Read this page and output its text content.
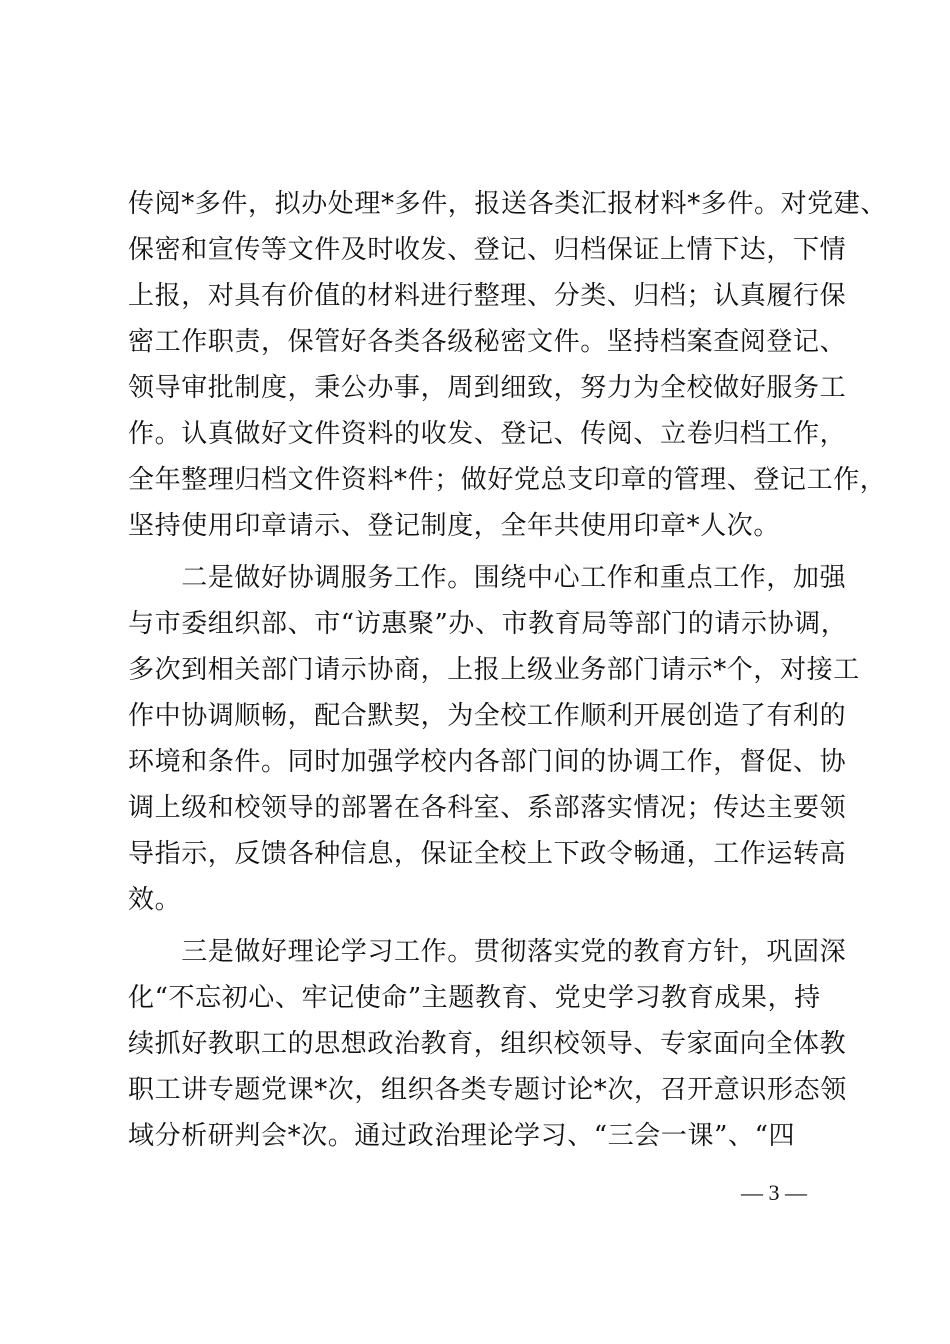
传阅*多件，拟办处理*多件，报送各类汇报材料*多件。对党建、
保密和宣传等文件及时收发、登记、归档保证上情下达，下情
上报，对具有价值的材料进行整理、分类、归档；认真履行保
密工作职责，保管好各类各级秘密文件。坚持档案查阅登记、
领导审批制度，秉公办事，周到细致，努力为全校做好服务工
作。认真做好文件资料的收发、登记、传阅、立卷归档工作，
全年整理归档文件资料*件；做好党总支印章的管理、登记工作，
坚持使用印章请示、登记制度，全年共使用印章*人次。
　　二是做好协调服务工作。围绕中心工作和重点工作，加强
与市委组织部、市“访惠聚”办、市教育局等部门的请示协调，
多次到相关部门请示协商，上报上级业务部门请示*个，对接工
作中协调顺畅，配合默契，为全校工作顺利开展创造了有利的
环境和条件。同时加强学校内各部门间的协调工作，督促、协
调上级和校领导的部署在各科室、系部落实情况；传达主要领
导指示，反馈各种信息，保证全校上下政令畅通，工作运转高
效。
　　三是做好理论学习工作。贯彻落实党的教育方针，巩固深
化“不忘初心、牢记使命”主题教育、党史学习教育成果，持
续抓好教职工的思想政治教育，组织校领导、专家面向全体教
职工讲专题党课*次，组织各类专题讨论*次，召开意识形态领
域分析研判会*次。通过政治理论学习、“三会一课”、“四
— 3 —
